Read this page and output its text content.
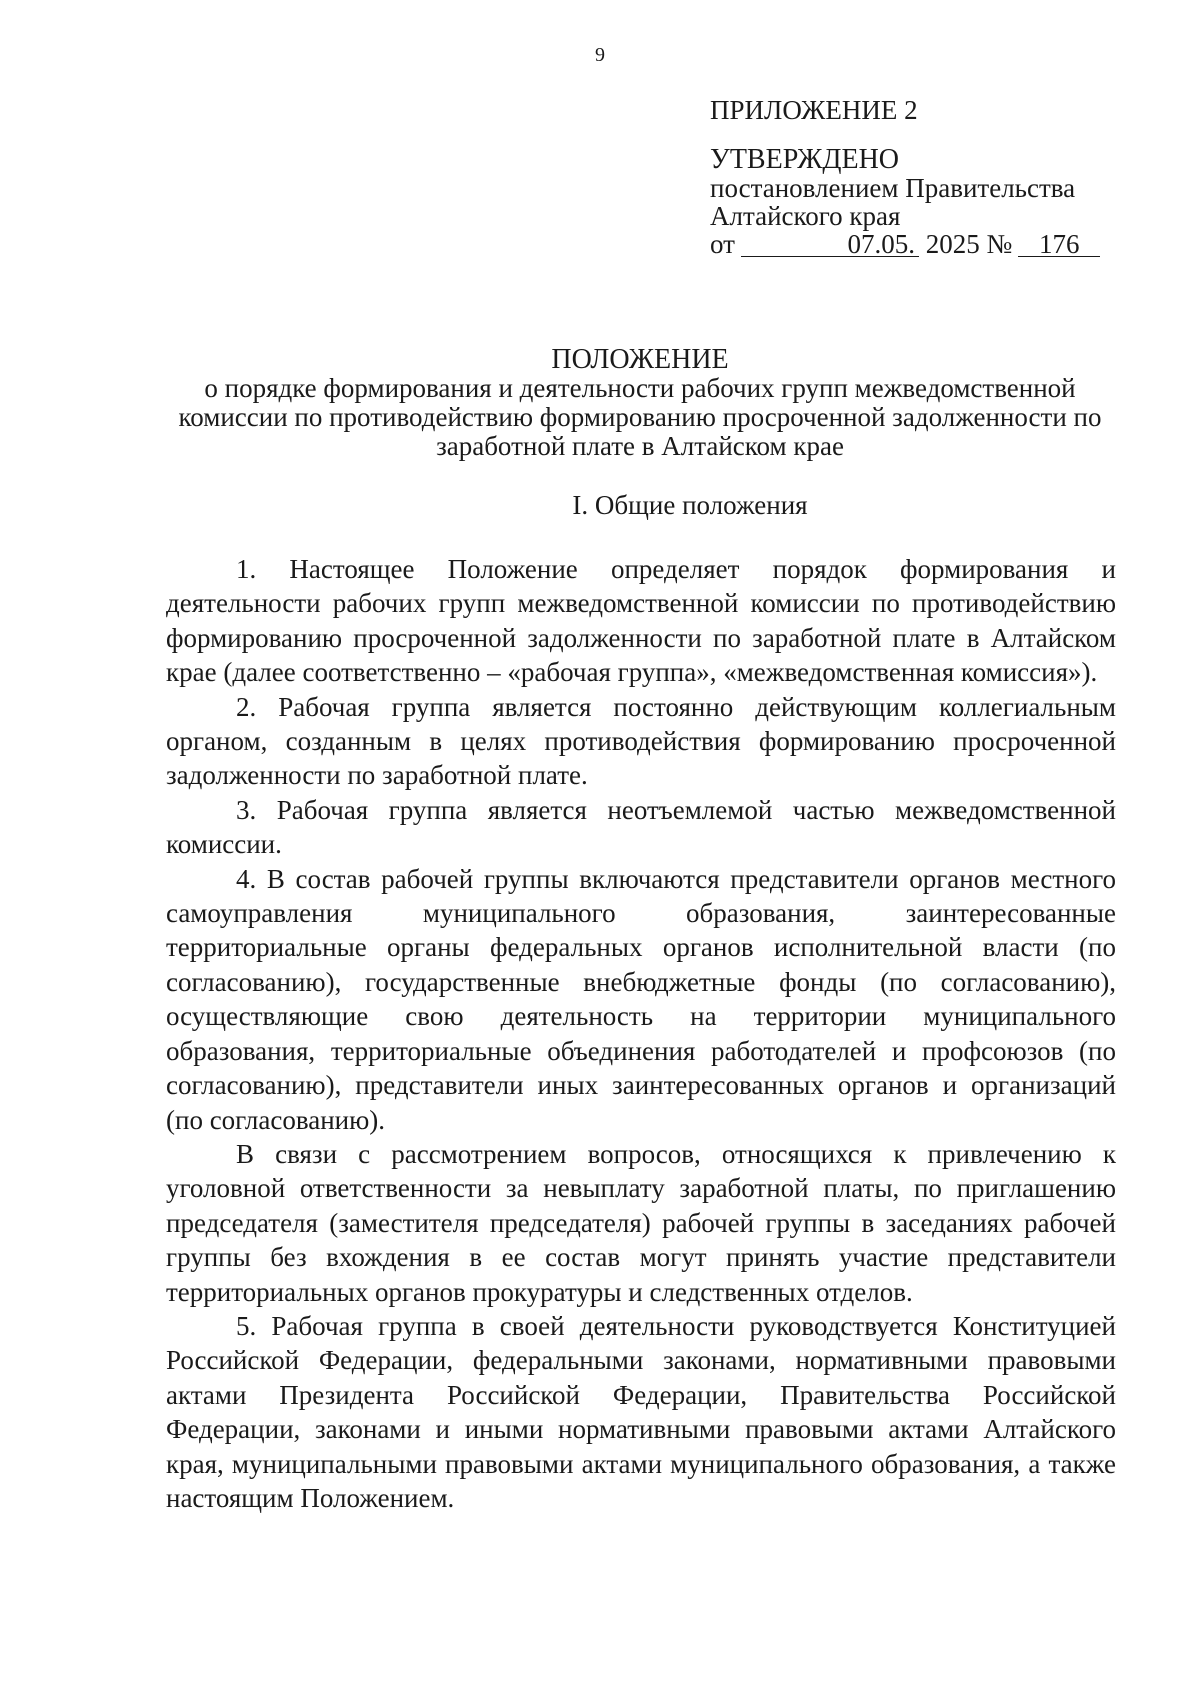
9
ПРИЛОЖЕНИЕ 2
УТВЕРЖДЕНО
постановлением Правительства
Алтайского края
от	07.05. 2025 № 176
ПОЛОЖЕНИЕ
о порядке формирования и деятельности рабочих групп межведомственной комиссии по противодействию формированию просроченной задолженности по заработной плате в Алтайском крае
I. Общие положения

1. Настоящее Положение определяет порядок формирования и деятельности рабочих групп межведомственной комиссии по противодействию формированию просроченной задолженности по заработной плате в Алтайском крае (далее соответственно – «рабочая группа», «межведомственная комиссия»).

2. Рабочая группа является постоянно действующим коллегиальным органом, созданным в целях противодействия формированию просроченной задолженности по заработной плате.

3. Рабочая группа является неотъемлемой частью межведомственной комиссии.

4. В состав рабочей группы включаются представители органов местного самоуправления муниципального образования, заинтересованные территориальные органы федеральных органов исполнительной власти (по согласованию), государственные внебюджетные фонды (по согласованию), осуществляющие свою деятельность на территории муниципального образования, территориальные объединения работодателей и профсоюзов (по согласованию), представители иных заинтересованных органов и организаций (по согласованию).

В связи с рассмотрением вопросов, относящихся к привлечению к уголовной ответственности за невыплату заработной платы, по приглашению председателя (заместителя председателя) рабочей группы в заседаниях рабочей группы без вхождения в ее состав могут принять участие представители территориальных органов прокуратуры и следственных отделов.

5. Рабочая группа в своей деятельности руководствуется Конституцией Российской Федерации, федеральными законами, нормативными правовыми актами Президента Российской Федерации, Правительства Российской Федерации, законами и иными нормативными правовыми актами Алтайского края, муниципальными правовыми актами муниципального образования, а также настоящим Положением.
